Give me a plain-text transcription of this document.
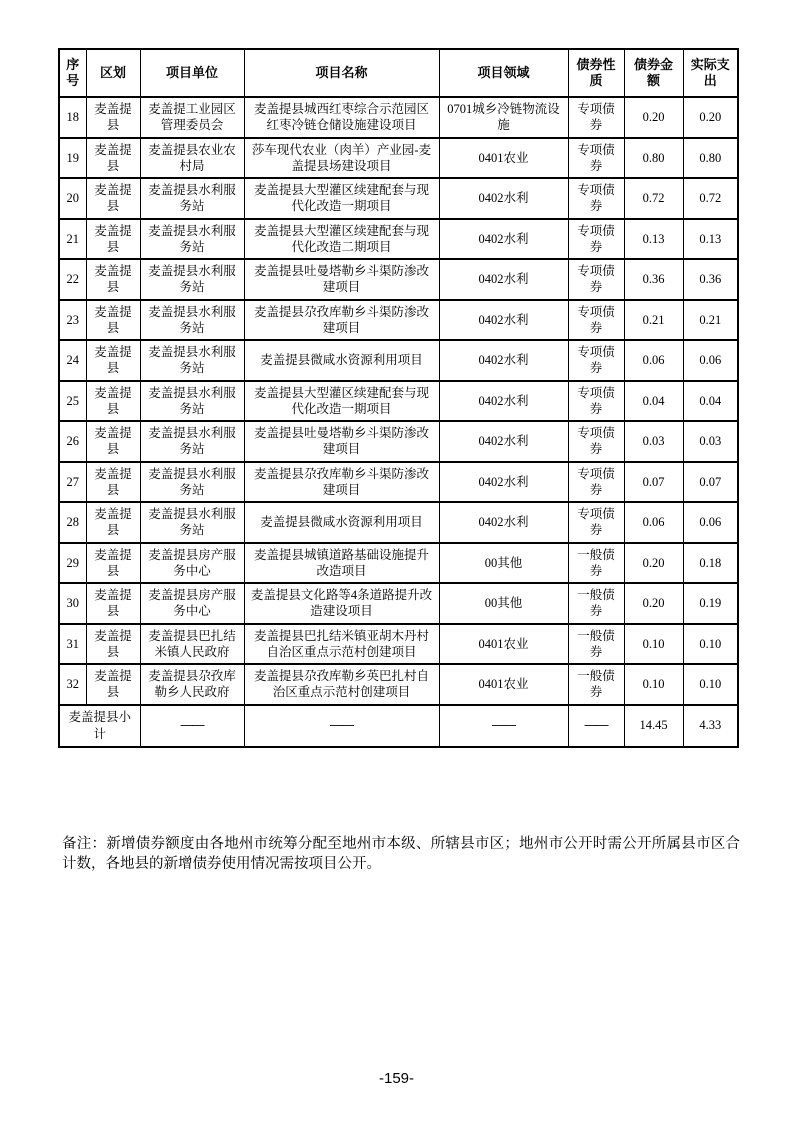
序号	区划	项目单位	项目名称	项目领域	债券性质	债券金额	实际支出
18	麦盖提县	麦盖提工业园区管理委员会	麦盖提县城西红枣综合示范园区红枣冷链仓储设施建设项目	0701城乡冷链物流设施	专项债券	0.20	0.20
19	麦盖提县	麦盖提县农业农村局	莎车现代农业（肉羊）产业园-麦盖提县场建设项目	0401农业	专项债券	0.80	0.80
20	麦盖提县	麦盖提县水利服务站	麦盖提县大型灌区续建配套与现代化改造一期项目	0402水利	专项债券	0.72	0.72
21	麦盖提县	麦盖提县水利服务站	麦盖提县大型灌区续建配套与现代化改造二期项目	0402水利	专项债券	0.13	0.13
22	麦盖提县	麦盖提县水利服务站	麦盖提县吐曼塔勒乡斗渠防渗改建项目	0402水利	专项债券	0.36	0.36
23	麦盖提县	麦盖提县水利服务站	麦盖提县尕孜库勒乡斗渠防渗改建项目	0402水利	专项债券	0.21	0.21
24	麦盖提县	麦盖提县水利服务站	麦盖提县微咸水资源利用项目	0402水利	专项债券	0.06	0.06
25	麦盖提县	麦盖提县水利服务站	麦盖提县大型灌区续建配套与现代化改造一期项目	0402水利	专项债券	0.04	0.04
26	麦盖提县	麦盖提县水利服务站	麦盖提县吐曼塔勒乡斗渠防渗改建项目	0402水利	专项债券	0.03	0.03
27	麦盖提县	麦盖提县水利服务站	麦盖提县尕孜库勒乡斗渠防渗改建项目	0402水利	专项债券	0.07	0.07
28	麦盖提县	麦盖提县水利服务站	麦盖提县微咸水资源利用项目	0402水利	专项债券	0.06	0.06
29	麦盖提县	麦盖提县房产服务中心	麦盖提县城镇道路基础设施提升改造项目	00其他	一般债券	0.20	0.18
30	麦盖提县	麦盖提县房产服务中心	麦盖提县文化路等4条道路提升改造建设项目	00其他	一般债券	0.20	0.19
31	麦盖提县	麦盖提县巴扎结米镇人民政府	麦盖提县巴扎结米镇亚胡木丹村自治区重点示范村创建项目	0401农业	一般债券	0.10	0.10
32	麦盖提县	麦盖提县尕孜库勒乡人民政府	麦盖提县尕孜库勒乡英巴扎村自治区重点示范村创建项目	0401农业	一般债券	0.10	0.10
麦盖提县小计		——	——	——	——	14.45	4.33

备注：新增债券额度由各地州市统筹分配至地州市本级、所辖县市区；地州市公开时需公开所属县市区合计数，各地县的新增债券使用情况需按项目公开。

-159-
